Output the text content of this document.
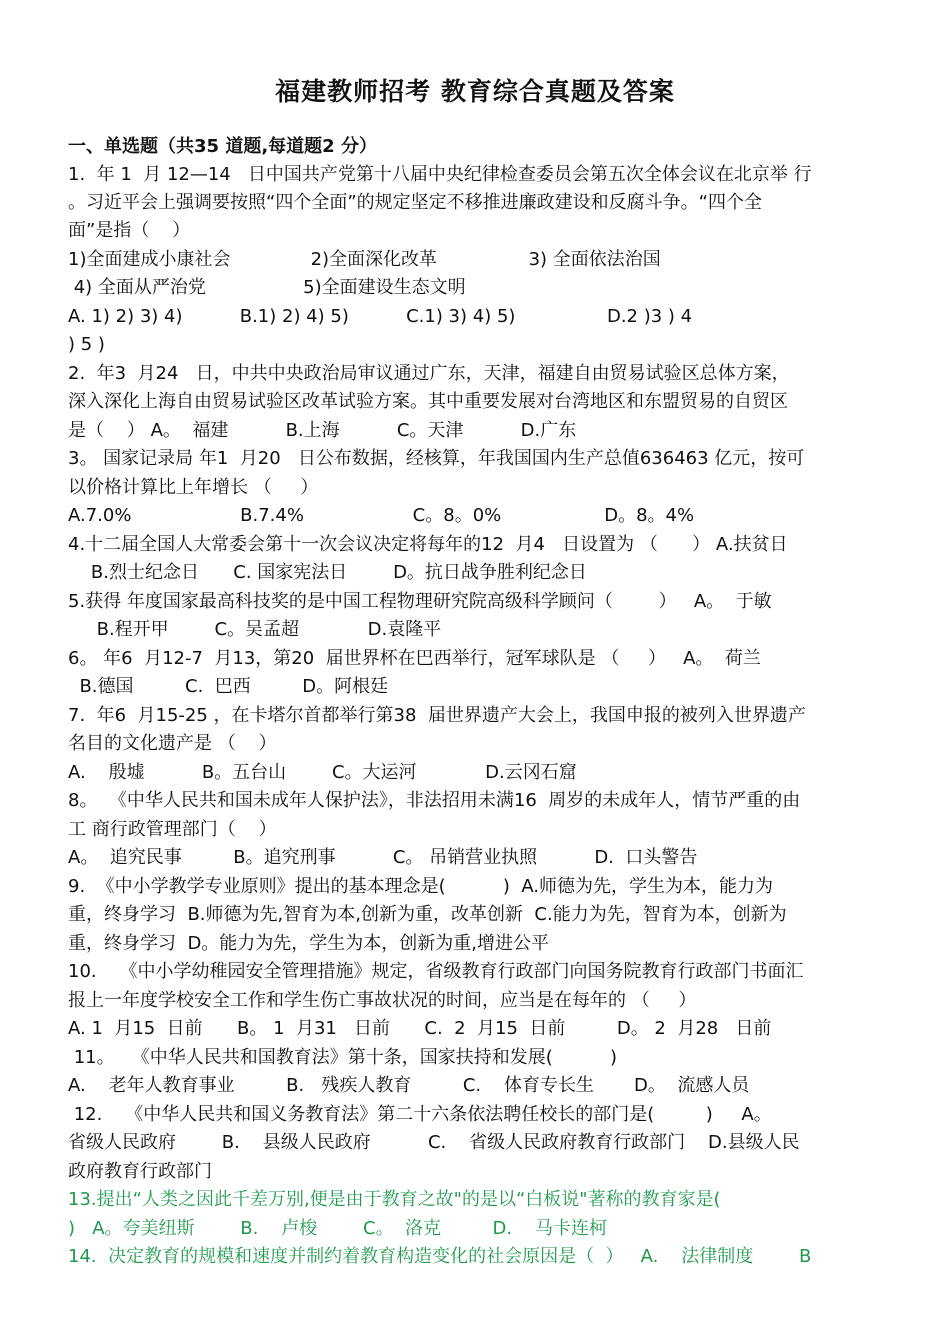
福建教师招考 教育综合真题及答案
一、单选题（共35 道题,每道题2 分）
1.  年 1  月 12—14   日中国共产党第十八届中央纪律检查委员会第五次全体会议在北京举 行
。习近平会上强调要按照“四个全面”的规定坚定不移推进廉政建设和反腐斗争。“四个全
面”是指（    ）
1)全面建成小康社会              2)全面深化改革                3) 全面依法治国
4) 全面从严治党                 5)全面建设生态文明
A. 1) 2) 3) 4)          B.1) 2) 4) 5)          C.1) 3) 4) 5)                D.2 )3 ) 4
) 5 )
2.  年3  月24   日，中共中央政治局审议通过广东，天津，福建自由贸易试验区总体方案，
深入深化上海自由贸易试验区改革试验方案。其中重要发展对台湾地区和东盟贸易的自贸区
是（    ） A。  福建          B.上海          C。天津          D.广东
3。 国家记录局 年1  月20   日公布数据，经核算，年我国国内生产总值636463 亿元，按可
以价格计算比上年增长 （     ）
A.7.0%                   B.7.4%                   C。8。0%                  D。8。4%
4.十二届全国人大常委会第十一次会议决定将每年的12  月4   日设置为 （      ） A.扶贫日
B.烈士纪念日      C. 国家宪法日        D。抗日战争胜利纪念日
5.获得 年度国家最高科技奖的是中国工程物理研究院高级科学顾问（        ）   A。  于敏
B.程开甲        C。吴孟超            D.袁隆平
6。 年6  月12-7  月13，第20  届世界杯在巴西举行，冠军球队是 （     ）   A。  荷兰
B.德国         C.  巴西         D。阿根廷
7.  年6  月15-25 ，在卡塔尔首都举行第38  届世界遗产大会上，我国申报的被列入世界遗产
名目的文化遗产是 （    ）
A.    殷墟          B。五台山        C。大运河            D.云冈石窟
8。  《中华人民共和国未成年人保护法》，非法招用未满16  周岁的未成年人，情节严重的由
工 商行政管理部门（    ）
A。  追究民事         B。追究刑事          C。 吊销营业执照          D.  口头警告
9.  《中小学教学专业原则》提出的基本理念是(          )  A.师德为先，学生为本，能力为
重，终身学习  B.师德为先,智育为本,创新为重，改革创新  C.能力为先，智育为本，创新为
重，终身学习  D。能力为先，学生为本，创新为重,增进公平
10.    《中小学幼稚园安全管理措施》规定，省级教育行政部门向国务院教育行政部门书面汇
报上一年度学校安全工作和学生伤亡事故状况的时间，应当是在每年的 （     ）
A. 1  月15  日前      B。 1  月31   日前      C.  2  月15  日前         D。 2  月28   日前
11。   《中华人民共和国教育法》第十条，国家扶持和发展(          )
A.    老年人教育事业         B.   残疾人教育         C.    体育专长生       D。  流感人员
12.    《中华人民共和国义务教育法》第二十六条依法聘任校长的部门是(         )     A。
省级人民政府        B.    县级人民政府          C.    省级人民政府教育行政部门    D.县级人民
政府教育行政部门
13.提出“人类之因此千差万别,便是由于教育之故"的是以“白板说"著称的教育家是(
)   A。夸美纽斯        B.    卢梭        C。  洛克         D.    马卡连柯
14.  决定教育的规模和速度并制约着教育构造变化的社会原因是（  ）   A.    法律制度        B
